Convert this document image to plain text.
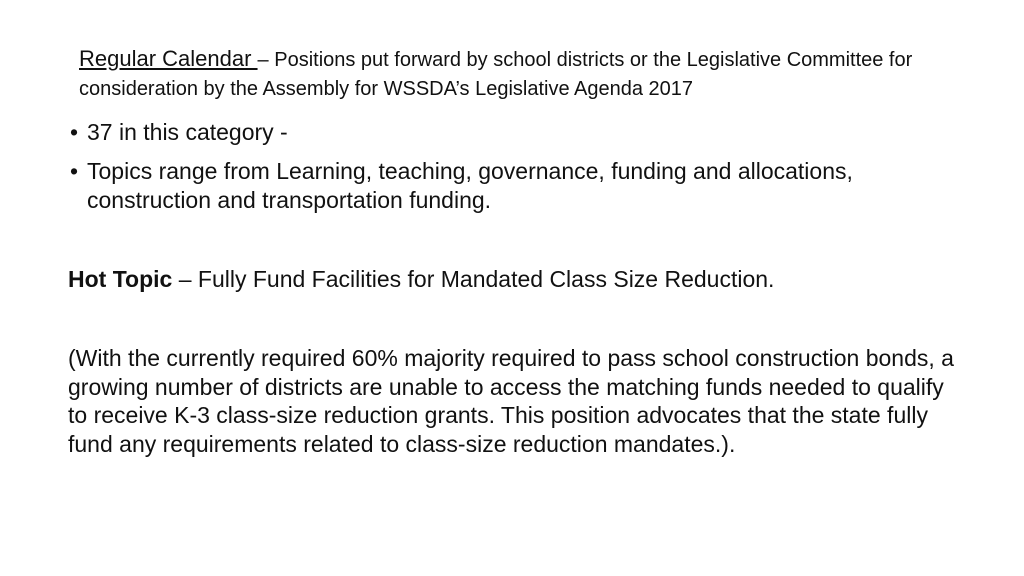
Regular Calendar – Positions put forward by school districts or the Legislative Committee for consideration by the Assembly for WSSDA’s Legislative Agenda 2017
• 37 in this category -
• Topics range from Learning, teaching, governance, funding and allocations, construction and transportation funding.

Hot Topic – Fully Fund Facilities for Mandated Class Size Reduction.

(With the currently required 60% majority required to pass school construction bonds, a growing number of districts are unable to access the matching funds needed to qualify to receive K-3 class-size reduction grants. This position advocates that the state fully fund any requirements related to class-size reduction mandates.).
